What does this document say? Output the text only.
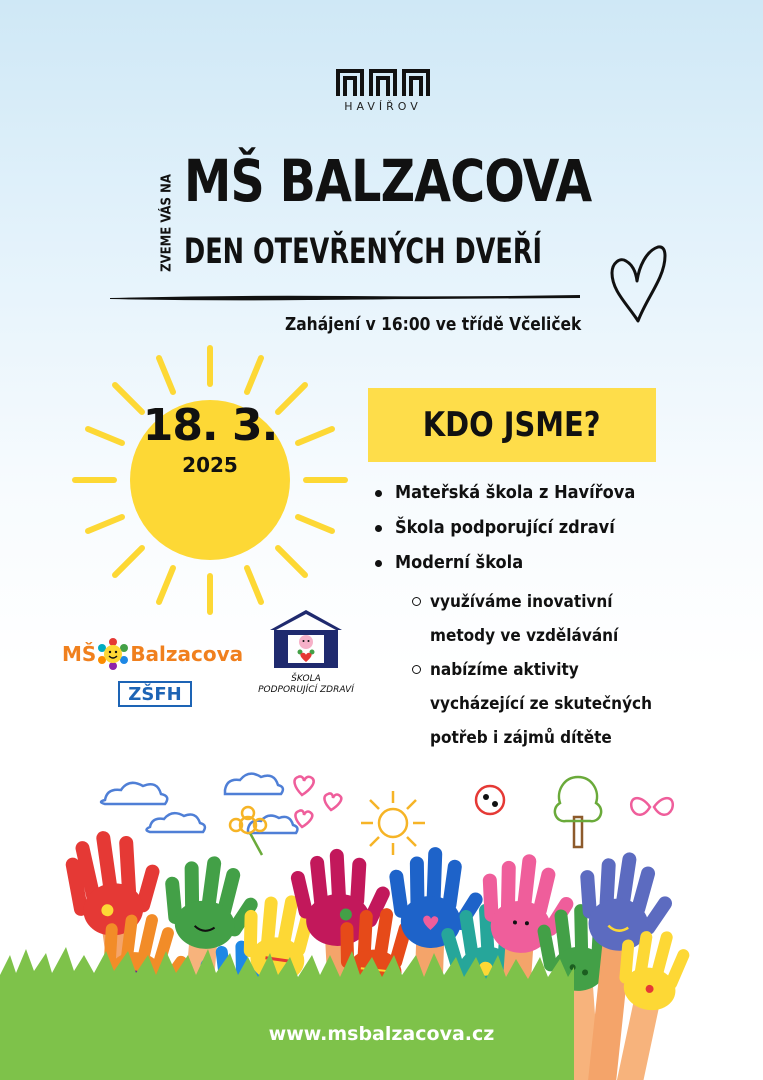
HAVÍŘOV
ZVEME VÁS NA MŠ BALZACOVA
DEN OTEVŘENÝCH DVEŘÍ
Zahájení v 16:00 ve třídě Včeliček
18. 3.
2025
KDO JSME?
Mateřská škola z Havířova
Škola podporující zdraví
Moderní škola
využíváme inovativní
metody ve vzdělávání
nabízíme aktivity
vycházející ze skutečných
potřeb i zájmů dítěte
MŠ Balzacova
ZŠFH
ŠKOLA
PODPORUJÍCÍ ZDRAVÍ
www.msbalzacova.cz
